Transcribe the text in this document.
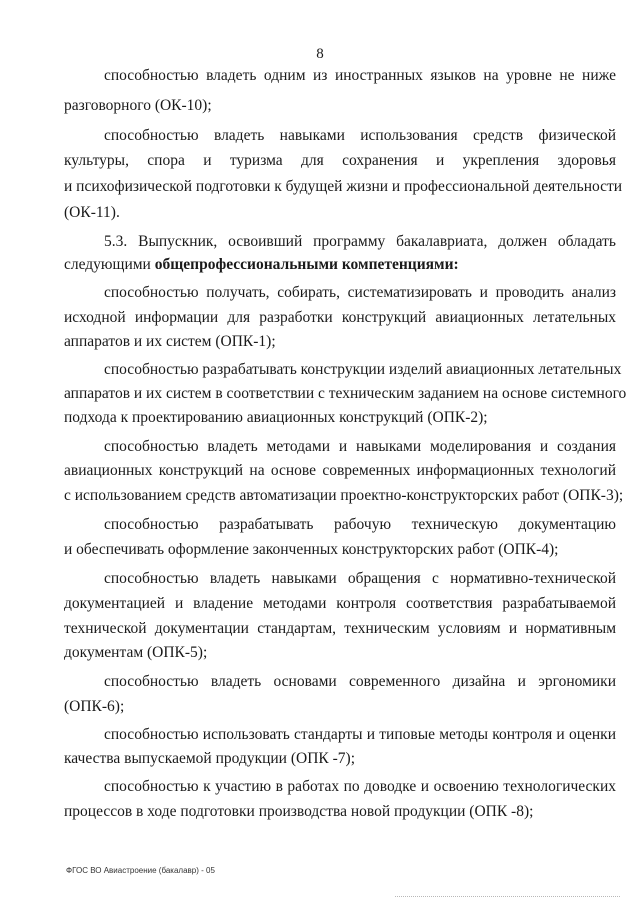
8
способностью владеть одним из иностранных языков на уровне не ниже
разговорного (ОК-10);
способностью владеть навыками использования средств физической
культуры, спора и туризма для сохранения и укрепления здоровья
и психофизической подготовки к будущей жизни и профессиональной деятельности
(ОК-11).
5.3. Выпускник, освоивший программу бакалавриата, должен обладать
следующими общепрофессиональными компетенциями:
способностью получать, собирать, систематизировать и проводить анализ
исходной информации для разработки конструкций авиационных летательных
аппаратов и их систем (ОПК-1);
способностью разрабатывать конструкции изделий авиационных летательных
аппаратов и их систем в соответствии с техническим заданием на основе системного
подхода к проектированию авиационных конструкций (ОПК-2);
способностью владеть методами и навыками моделирования и создания
авиационных конструкций на основе современных информационных технологий
с использованием средств автоматизации проектно-конструкторских работ (ОПК-3);
способностью разрабатывать рабочую техническую документацию
и обеспечивать оформление законченных конструкторских работ (ОПК-4);
способностью владеть навыками обращения с нормативно-технической
документацией и владение методами контроля соответствия разрабатываемой
технической документации стандартам, техническим условиям и нормативным
документам (ОПК-5);
способностью владеть основами современного дизайна и эргономики
(ОПК-6);
способностью использовать стандарты и типовые методы контроля и оценки
качества выпускаемой продукции (ОПК -7);
способностью к участию в работах по доводке и освоению технологических
процессов в ходе подготовки производства новой продукции (ОПК -8);
ФГОС ВО Авиастроение (бакалавр) - 05
